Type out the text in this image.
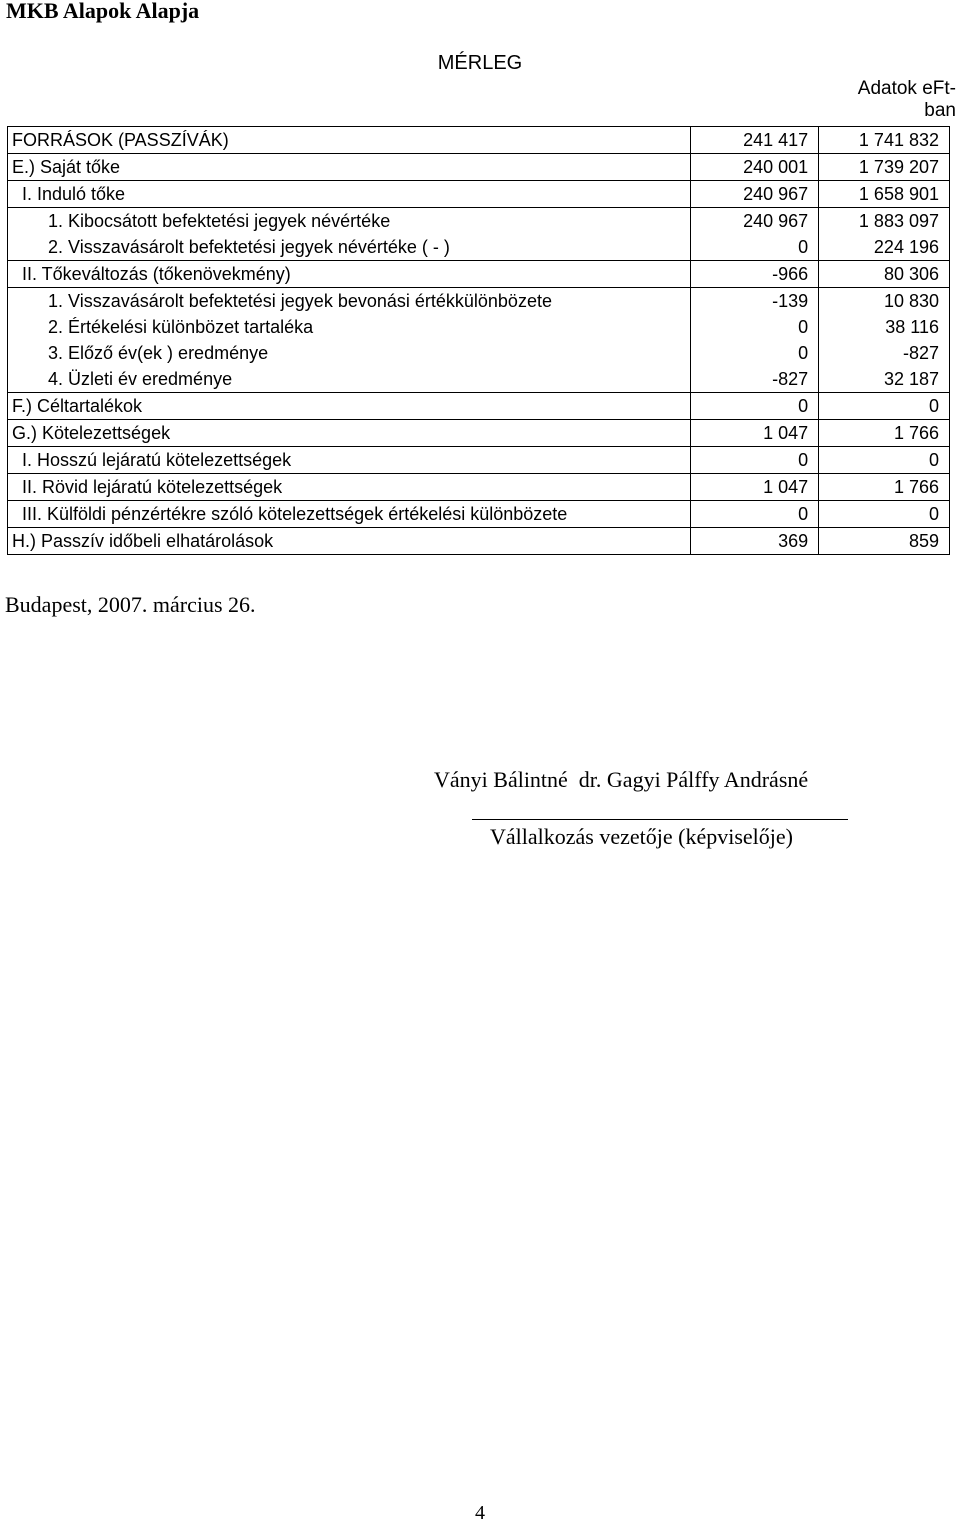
MKB Alapok Alapja
MÉRLEG
Adatok eFt-
ban
FORRÁSOK (PASSZÍVÁK)	241 417	1 741 832
E.) Saját tőke	240 001	1 739 207
I. Induló tőke	240 967	1 658 901
1. Kibocsátott befektetési jegyek névértéke	240 967	1 883 097
2. Visszavásárolt befektetési jegyek névértéke ( - )	0	224 196
II. Tőkeváltozás (tőkenövekmény)	-966	80 306
1. Visszavásárolt befektetési jegyek bevonási értékkülönbözete	-139	10 830
2. Értékelési különbözet tartaléka	0	38 116
3. Előző év(ek ) eredménye	0	-827
4. Üzleti év eredménye	-827	32 187
F.) Céltartalékok	0	0
G.) Kötelezettségek	1 047	1 766
I. Hosszú lejáratú kötelezettségek	0	0
II. Rövid lejáratú kötelezettségek	1 047	1 766
III. Külföldi pénzértékre szóló kötelezettségek értékelési különbözete	0	0
H.) Passzív időbeli elhatárolások	369	859
Budapest, 2007. március 26.
Ványi Bálintné  dr. Gagyi Pálffy Andrásné
Vállalkozás vezetője (képviselője)
4
